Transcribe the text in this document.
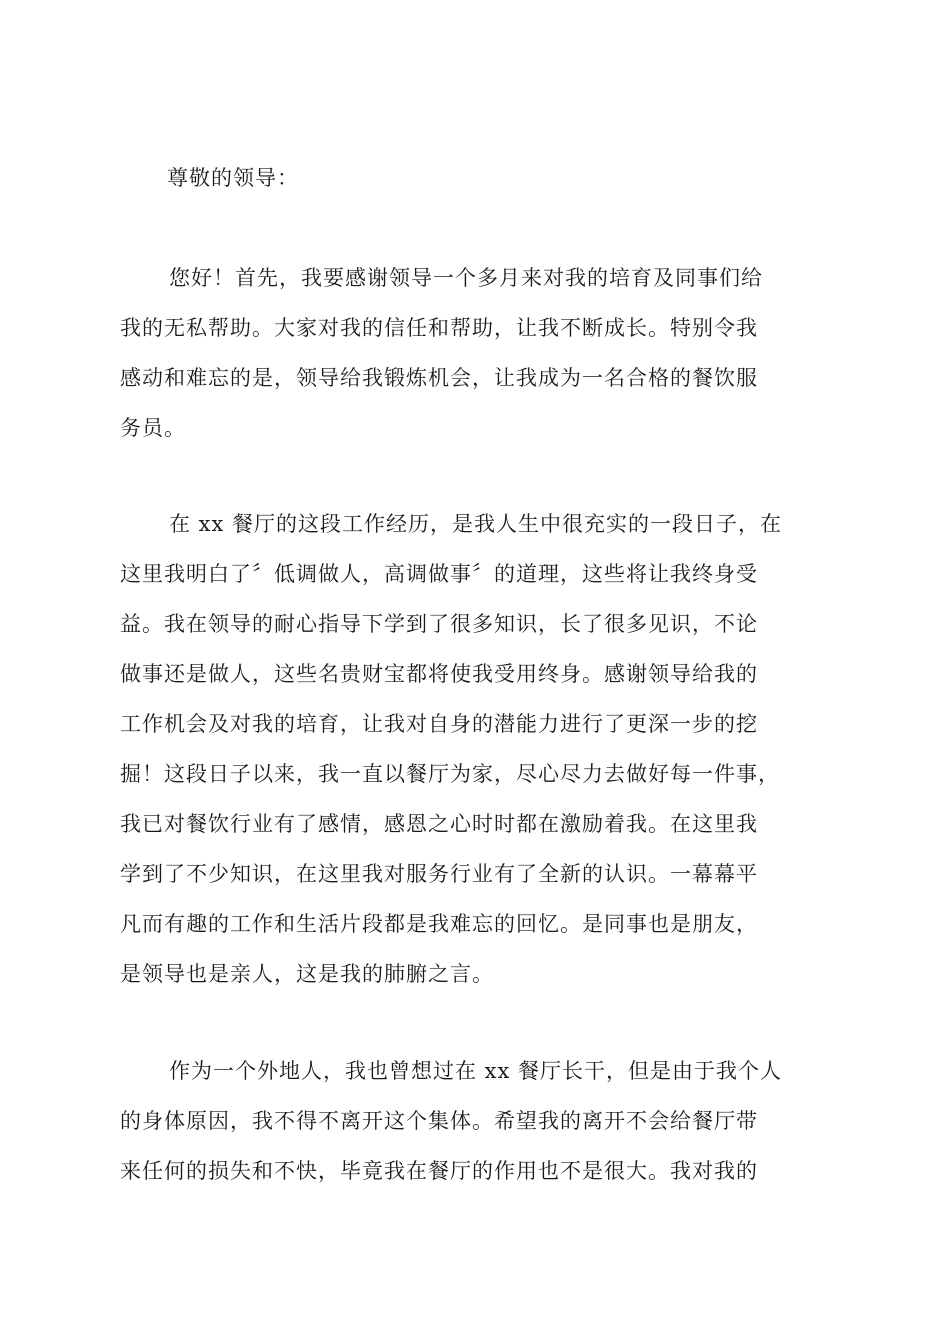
尊敬的领导：
您好！首先，我要感谢领导一个多月来对我的培育及同事们给
我的无私帮助。大家对我的信任和帮助，让我不断成长。特别令我
感动和难忘的是，领导给我锻炼机会，让我成为一名合格的餐饮服
务员。
在 xx 餐厅的这段工作经历，是我人生中很充实的一段日子，在
这里我明白了〞低调做人，高调做事〞的道理，这些将让我终身受
益。我在领导的耐心指导下学到了很多知识，长了很多见识，不论
做事还是做人，这些名贵财宝都将使我受用终身。感谢领导给我的
工作机会及对我的培育，让我对自身的潜能力进行了更深一步的挖
掘！这段日子以来，我一直以餐厅为家，尽心尽力去做好每一件事，
我已对餐饮行业有了感情，感恩之心时时都在激励着我。在这里我
学到了不少知识，在这里我对服务行业有了全新的认识。一幕幕平
凡而有趣的工作和生活片段都是我难忘的回忆。是同事也是朋友，
是领导也是亲人，这是我的肺腑之言。
作为一个外地人，我也曾想过在 xx 餐厅长干，但是由于我个人
的身体原因，我不得不离开这个集体。希望我的离开不会给餐厅带
来任何的损失和不快，毕竟我在餐厅的作用也不是很大。我对我的
